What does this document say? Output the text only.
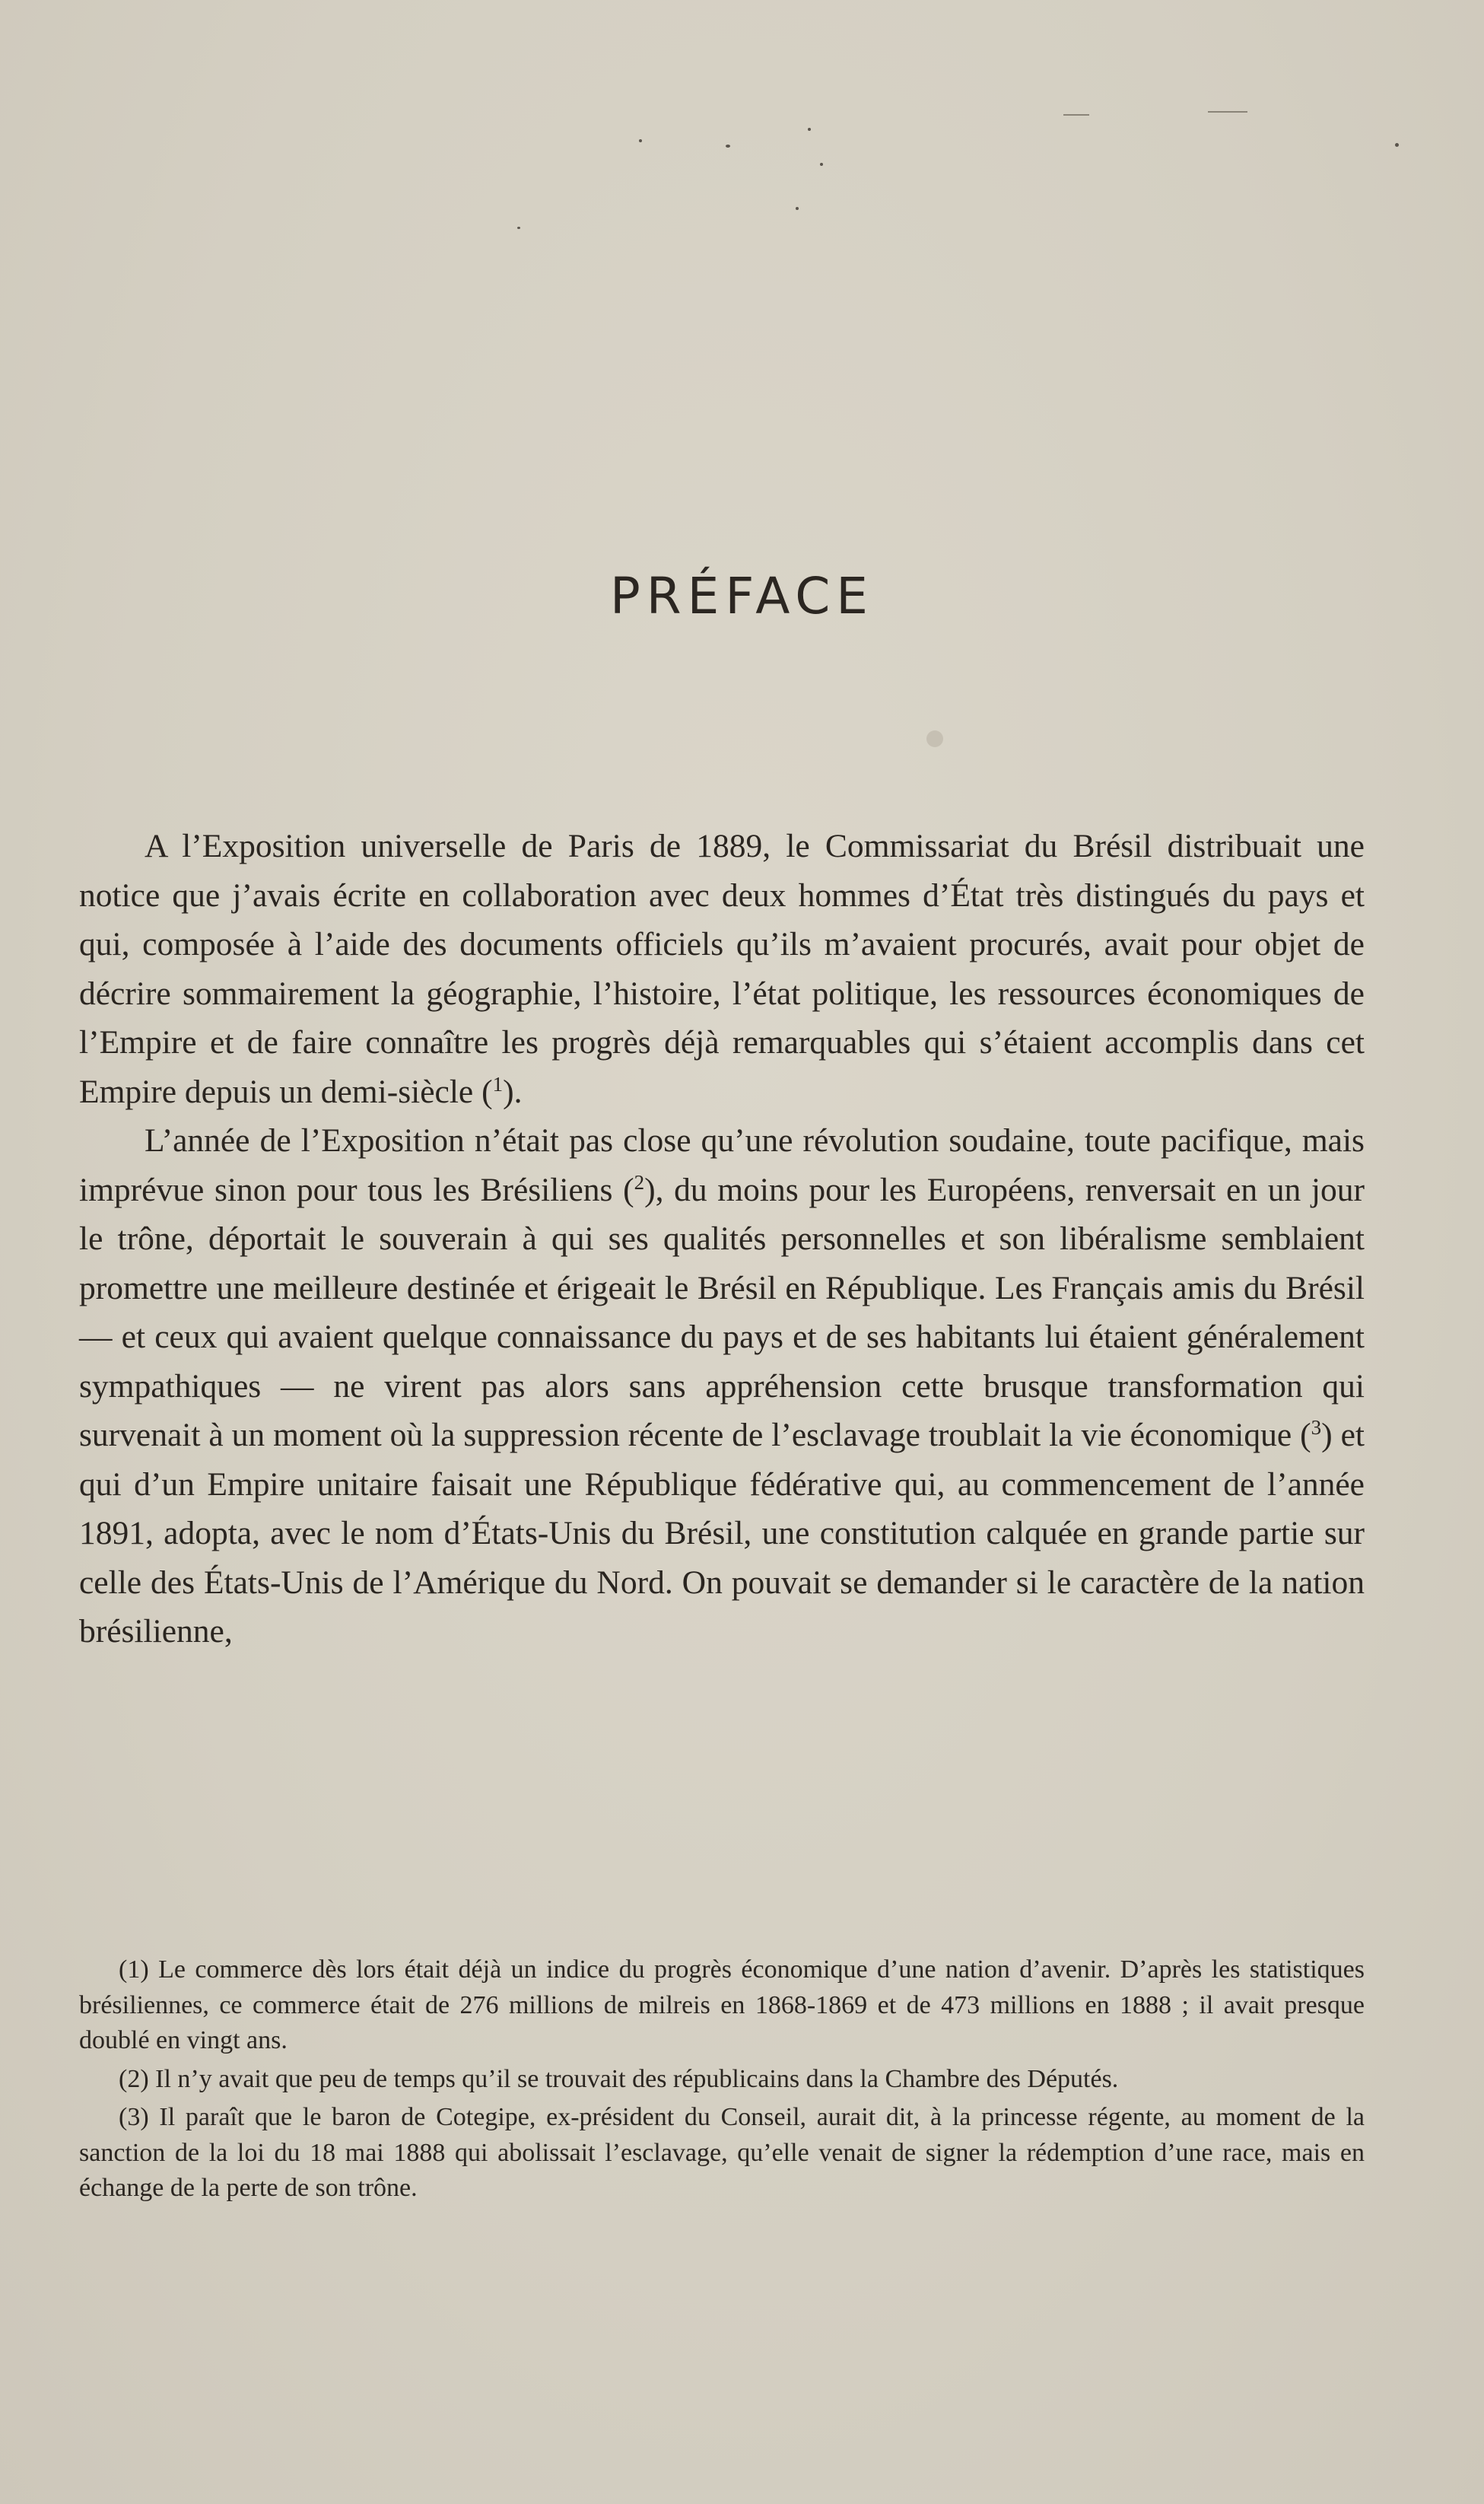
PRÉFACE

A l’Exposition universelle de Paris de 1889, le Commissariat du Brésil distribuait une notice que j’avais écrite en collaboration avec deux hommes d’État très distingués du pays et qui, composée à l’aide des documents officiels qu’ils m’avaient procurés, avait pour objet de décrire sommairement la géographie, l’histoire, l’état politique, les ressources économiques de l’Empire et de faire connaître les progrès déjà remarquables qui s’étaient accomplis dans cet Empire depuis un demi-siècle ($^1$).

L’année de l’Exposition n’était pas close qu’une révolution soudaine, toute pacifique, mais imprévue sinon pour tous les Brésiliens ($^2$), du moins pour les Européens, renversait en un jour le trône, déportait le souverain à qui ses qualités personnelles et son libéralisme semblaient promettre une meilleure destinée et érigeait le Brésil en République. Les Français amis du Brésil — et ceux qui avaient quelque connaissance du pays et de ses habitants lui étaient généralement sympathiques — ne virent pas alors sans appréhension cette brusque transformation qui survenait à un moment où la suppression récente de l’esclavage troublait la vie économique ($^3$) et qui d’un Empire unitaire faisait une République fédérative qui, au commencement de l’année 1891, adopta, avec le nom d’États-Unis du Brésil, une constitution calquée en grande partie sur celle des États-Unis de l’Amérique du Nord. On pouvait se demander si le caractère de la nation brésilienne,

(1) Le commerce dès lors était déjà un indice du progrès économique d’une nation d’avenir. D’après les statistiques brésiliennes, ce commerce était de 276 millions de milreis en 1868-1869 et de 473 millions en 1888 ; il avait presque doublé en vingt ans.

(2) Il n’y avait que peu de temps qu’il se trouvait des républicains dans la Chambre des Députés.

(3) Il paraît que le baron de Cotegipe, ex-président du Conseil, aurait dit, à la princesse régente, au moment de la sanction de la loi du 18 mai 1888 qui abolissait l’esclavage, qu’elle venait de signer la rédemption d’une race, mais en échange de la perte de son trône.
